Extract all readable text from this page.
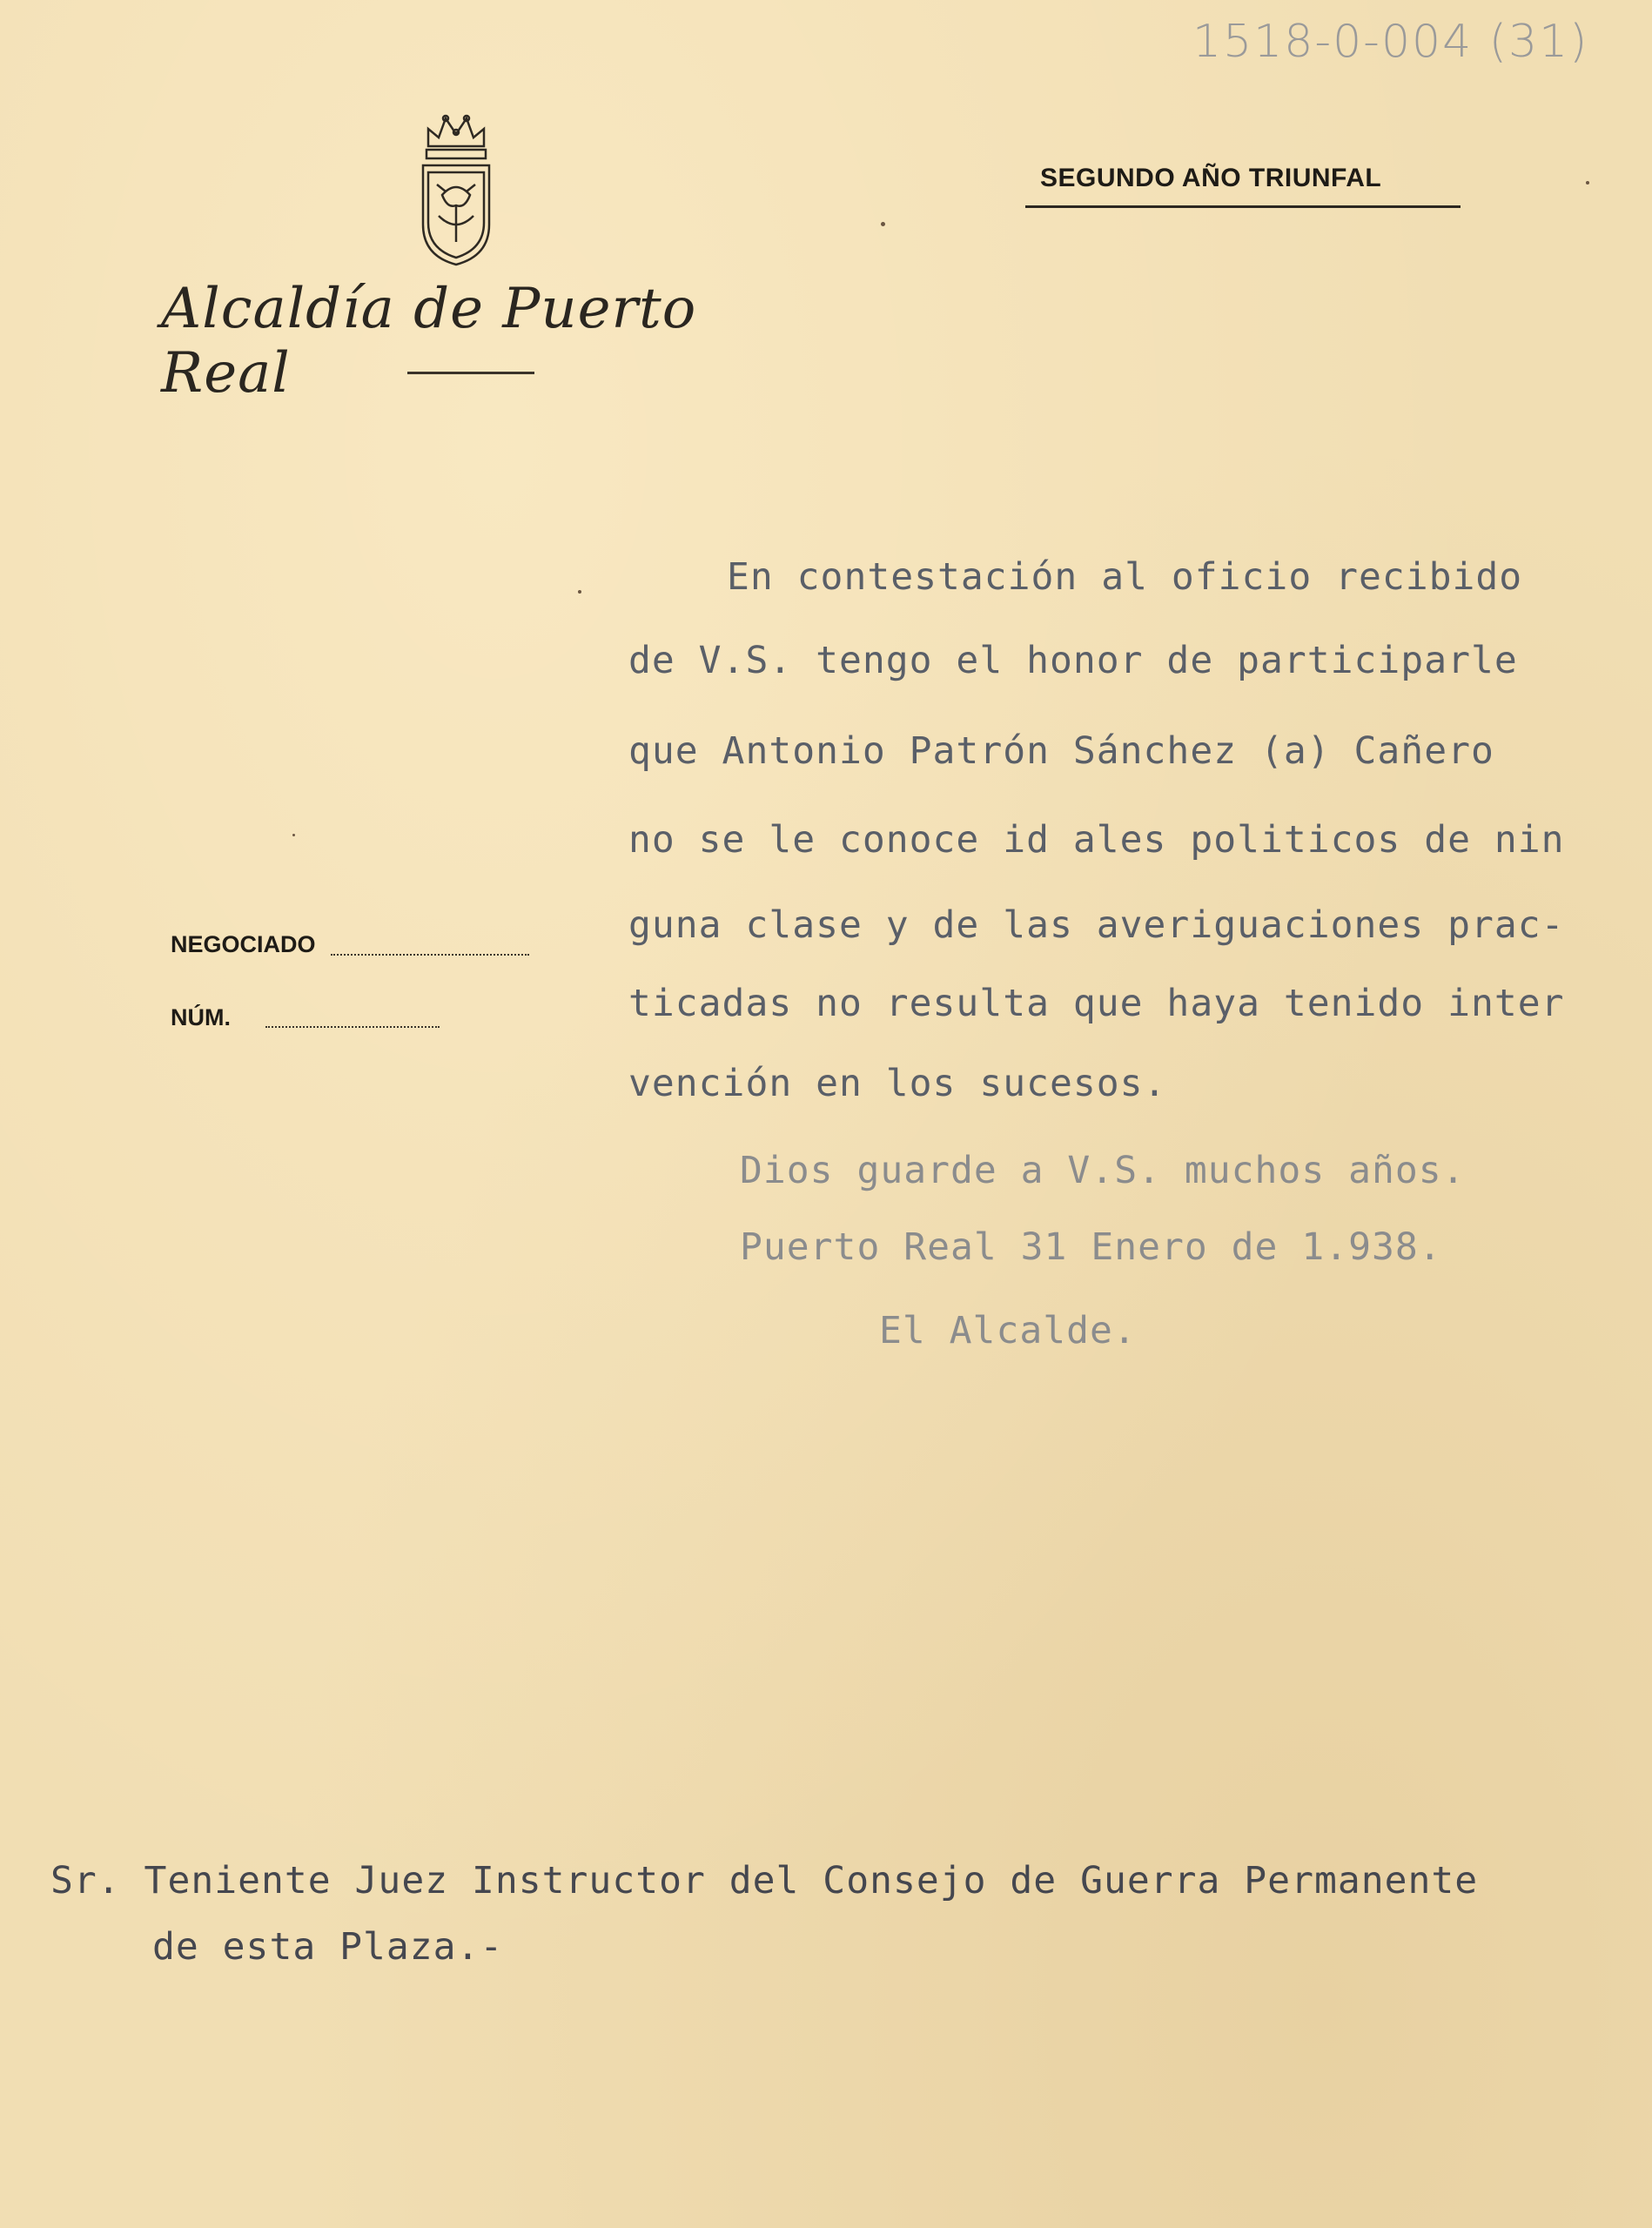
1518-0-004 (31)
Alcaldía de Puerto Real
SEGUNDO AÑO TRIUNFAL
NEGOCIADO
NÚM.
En contestación al oficio recibido
de V.S. tengo el honor de participarle
que Antonio Patrón Sánchez (a) Cañero
no se le conoce id ales politicos de nin
guna clase y de las averiguaciones prac-
ticadas no resulta que haya tenido inter
vención en los sucesos.
Dios guarde a V.S. muchos años.
Puerto Real 31 Enero de 1.938.
El Alcalde.
Sr. Teniente Juez Instructor del Consejo de Guerra Permanente
de esta Plaza.-
